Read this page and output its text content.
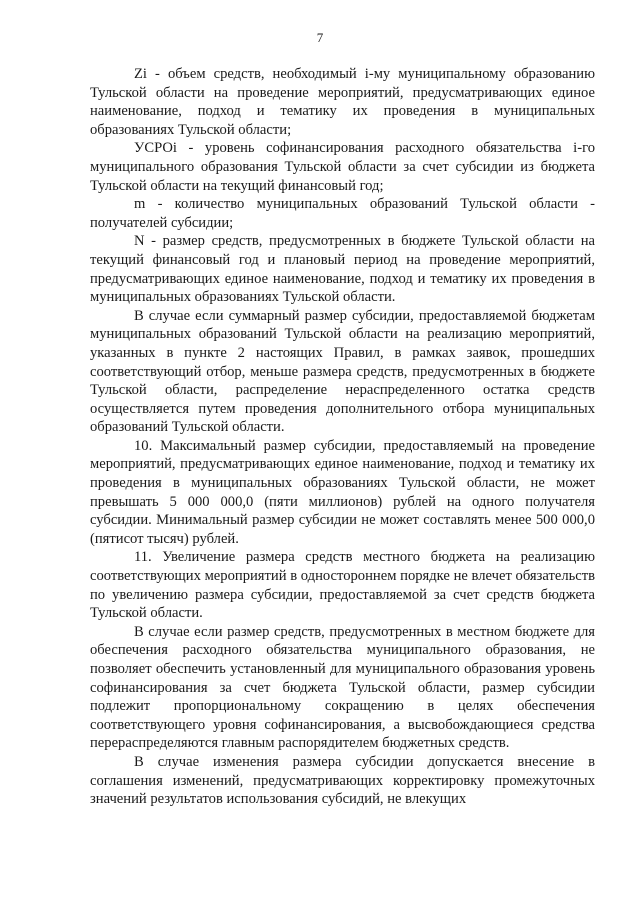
7

Zi - объем средств, необходимый i-му муниципальному образованию Тульской области на проведение мероприятий, предусматривающих единое наименование, подход и тематику их проведения в муниципальных образованиях Тульской области;

УСРОi - уровень софинансирования расходного обязательства i-го муниципального образования Тульской области за счет субсидии из бюджета Тульской области на текущий финансовый год;

m - количество муниципальных образований Тульской области - получателей субсидии;

N - размер средств, предусмотренных в бюджете Тульской области на текущий финансовый год и плановый период на проведение мероприятий, предусматривающих единое наименование, подход и тематику их проведения в муниципальных образованиях Тульской области.

В случае если суммарный размер субсидии, предоставляемой бюджетам муниципальных образований Тульской области на реализацию мероприятий, указанных в пункте 2 настоящих Правил, в рамках заявок, прошедших соответствующий отбор, меньше размера средств, предусмотренных в бюджете Тульской области, распределение нераспределенного остатка средств осуществляется путем проведения дополнительного отбора муниципальных образований Тульской области.

10. Максимальный размер субсидии, предоставляемый на проведение мероприятий, предусматривающих единое наименование, подход и тематику их проведения в муниципальных образованиях Тульской области, не может превышать 5 000 000,0 (пяти миллионов) рублей на одного получателя субсидии. Минимальный размер субсидии не может составлять менее 500 000,0 (пятисот тысяч) рублей.

11. Увеличение размера средств местного бюджета на реализацию соответствующих мероприятий в одностороннем порядке не влечет обязательств по увеличению размера субсидии, предоставляемой за счет средств бюджета Тульской области.

В случае если размер средств, предусмотренных в местном бюджете для обеспечения расходного обязательства муниципального образования, не позволяет обеспечить установленный для муниципального образования уровень софинансирования за счет бюджета Тульской области, размер субсидии подлежит пропорциональному сокращению в целях обеспечения соответствующего уровня софинансирования, а высвобождающиеся средства перераспределяются главным распорядителем бюджетных средств.

В случае изменения размера субсидии допускается внесение в соглашения изменений, предусматривающих корректировку промежуточных значений результатов использования субсидий, не влекущих
